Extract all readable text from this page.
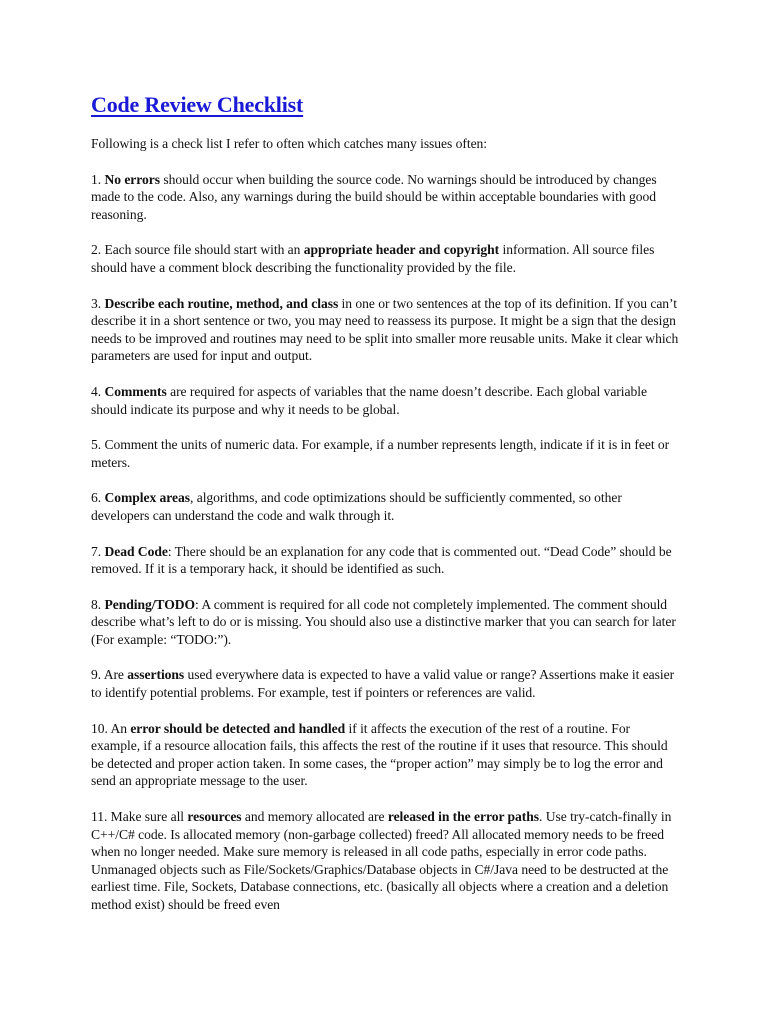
Code Review Checklist

Following is a check list I refer to often which catches many issues often:

1. No errors should occur when building the source code. No warnings should be introduced by changes made to the code. Also, any warnings during the build should be within acceptable boundaries with good reasoning.

2. Each source file should start with an appropriate header and copyright information. All source files should have a comment block describing the functionality provided by the file.

3. Describe each routine, method, and class in one or two sentences at the top of its definition. If you can’t describe it in a short sentence or two, you may need to reassess its purpose. It might be a sign that the design needs to be improved and routines may need to be split into smaller more reusable units. Make it clear which parameters are used for input and output.

4. Comments are required for aspects of variables that the name doesn’t describe. Each global variable should indicate its purpose and why it needs to be global.

5. Comment the units of numeric data. For example, if a number represents length, indicate if it is in feet or meters.

6. Complex areas, algorithms, and code optimizations should be sufficiently commented, so other developers can understand the code and walk through it.

7. Dead Code: There should be an explanation for any code that is commented out. “Dead Code” should be removed. If it is a temporary hack, it should be identified as such.

8. Pending/TODO: A comment is required for all code not completely implemented. The comment should describe what’s left to do or is missing. You should also use a distinctive marker that you can search for later (For example: “TODO:”).

9. Are assertions used everywhere data is expected to have a valid value or range? Assertions make it easier to identify potential problems. For example, test if pointers or references are valid.

10. An error should be detected and handled if it affects the execution of the rest of a routine. For example, if a resource allocation fails, this affects the rest of the routine if it uses that resource. This should be detected and proper action taken. In some cases, the “proper action” may simply be to log the error and send an appropriate message to the user.

11. Make sure all resources and memory allocated are released in the error paths. Use try-catch-finally in C++/C# code. Is allocated memory (non-garbage collected) freed? All allocated memory needs to be freed when no longer needed. Make sure memory is released in all code paths, especially in error code paths. Unmanaged objects such as File/Sockets/Graphics/Database objects in C#/Java need to be destructed at the earliest time. File, Sockets, Database connections, etc. (basically all objects where a creation and a deletion method exist) should be freed even
